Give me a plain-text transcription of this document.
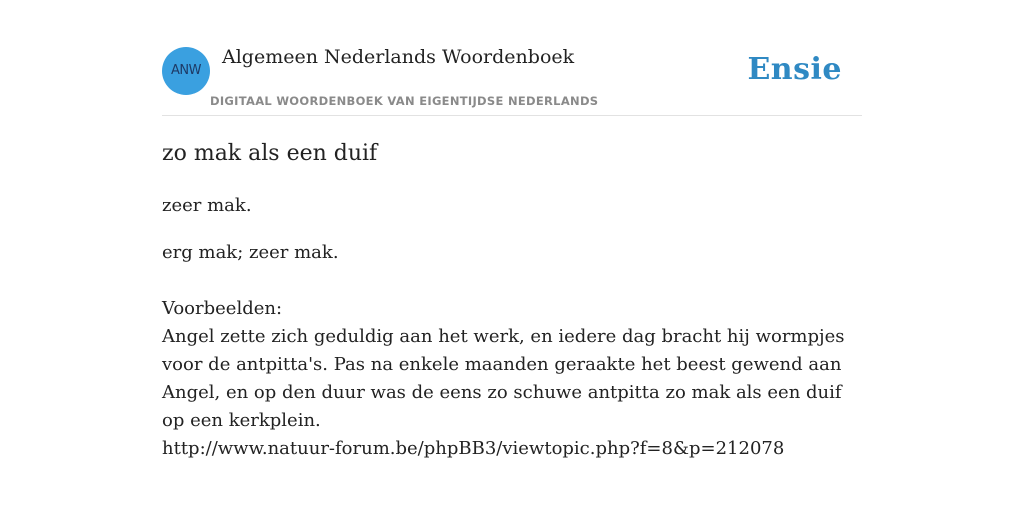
ANW
Algemeen Nederlands Woordenboek
DIGITAAL WOORDENBOEK VAN EIGENTIJDSE NEDERLANDS
Ensie
zo mak als een duif

zeer mak.

erg mak; zeer mak.

Voorbeelden:
Angel zette zich geduldig aan het werk, en iedere dag bracht hij wormpjes voor de antpitta's. Pas na enkele maanden geraakte het beest gewend aan Angel, en op den duur was de eens zo schuwe antpitta zo mak als een duif op een kerkplein.
http://www.natuur-forum.be/phpBB3/viewtopic.php?f=8&p=212078
